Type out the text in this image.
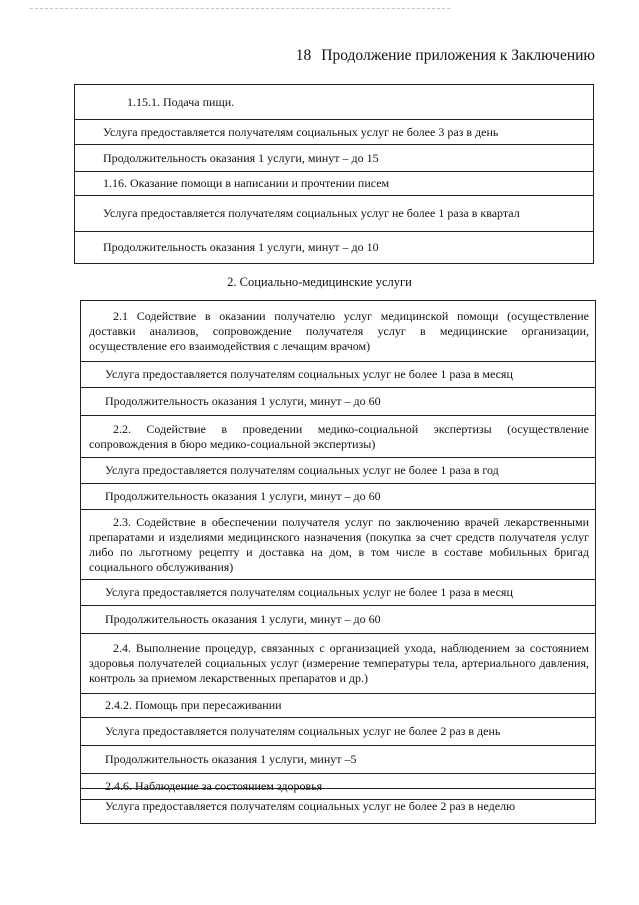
18 Продолжение приложения к Заключению
1.15.1. Подача пищи.
Услуга предоставляется получателям социальных услуг не более 3 раз в день
Продолжительность оказания 1 услуги, минут – до 15
1.16. Оказание помощи в написании и прочтении писем
Услуга предоставляется получателям социальных услуг не более 1 раза в квартал
Продолжительность оказания 1 услуги, минут – до 10
2. Социально-медицинские услуги
2.1 Содействие в оказании получателю услуг медицинской помощи (осуществление доставки анализов, сопровождение получателя услуг в медицинские организации, осуществление его взаимодействия с лечащим врачом)
Услуга предоставляется получателям социальных услуг не более 1 раза в месяц
Продолжительность оказания 1 услуги, минут – до 60
2.2. Содействие в проведении медико-социальной экспертизы (осуществление сопровождения в бюро медико-социальной экспертизы)
Услуга предоставляется получателям социальных услуг не более 1 раза в год
Продолжительность оказания 1 услуги, минут – до 60
2.3. Содействие в обеспечении получателя услуг по заключению врачей лекарственными препаратами и изделиями медицинского назначения (покупка за счет средств получателя услуг либо по льготному рецепту и доставка на дом, в том числе в составе мобильных бригад социального обслуживания)
Услуга предоставляется получателям социальных услуг не более 1 раза в месяц
Продолжительность оказания 1 услуги, минут – до 60
2.4. Выполнение процедур, связанных с организацией ухода, наблюдением за состоянием здоровья получателей социальных услуг (измерение температуры тела, артериального давления, контроль за приемом лекарственных препаратов и др.)
2.4.2. Помощь при пересаживании
Услуга предоставляется получателям социальных услуг не более 2 раз в день
Продолжительность оказания 1 услуги, минут –5
2.4.6. Наблюдение за состоянием здоровья
Услуга предоставляется получателям социальных услуг не более 2 раз в неделю
